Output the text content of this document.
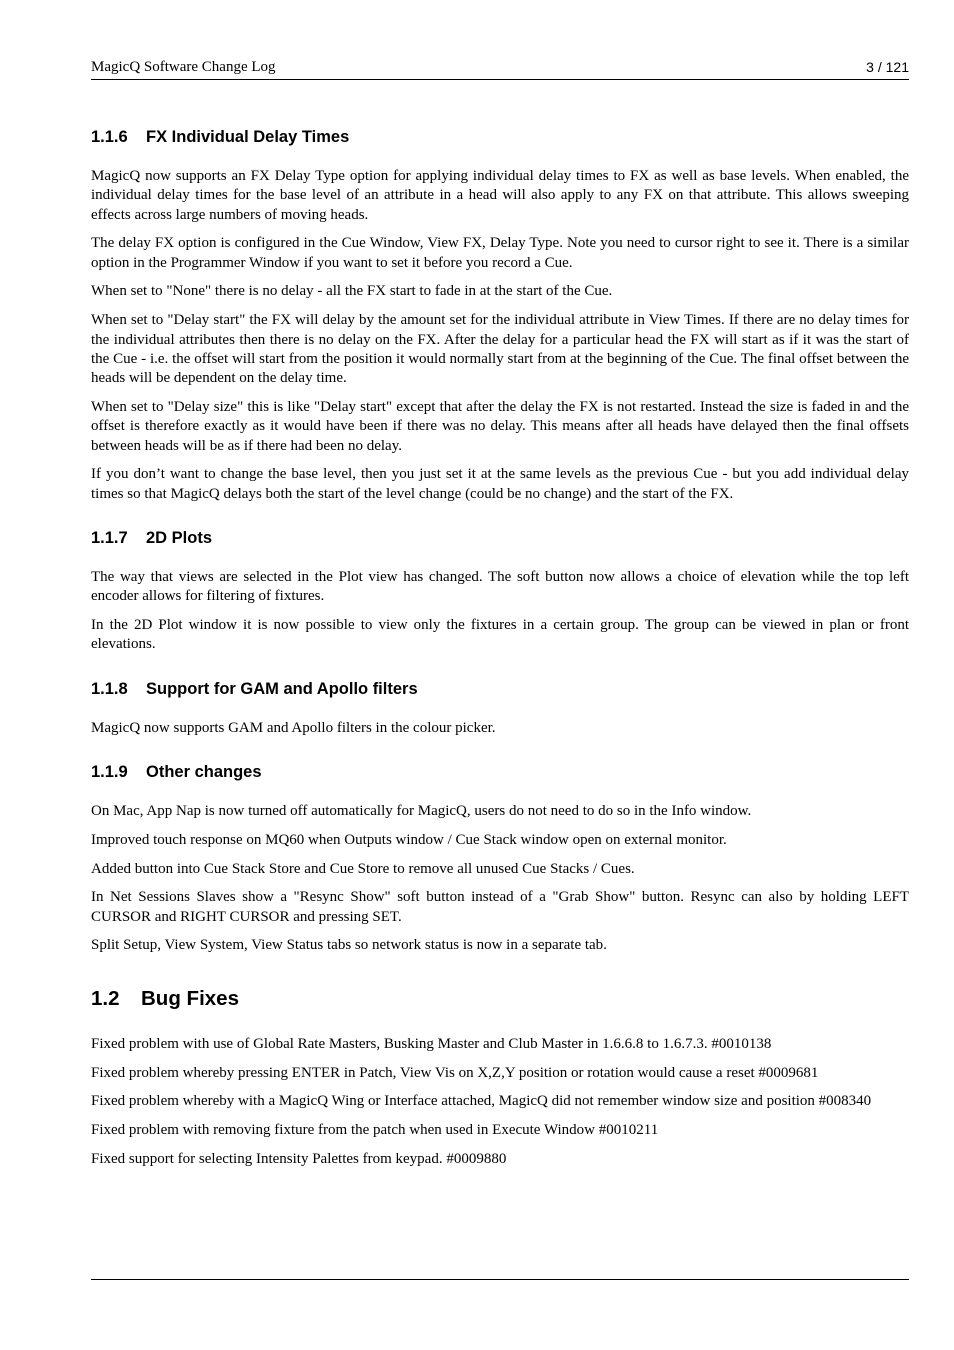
MagicQ Software Change Log	3 / 121
1.1.6 FX Individual Delay Times

MagicQ now supports an FX Delay Type option for applying individual delay times to FX as well as base levels. When enabled, the individual delay times for the base level of an attribute in a head will also apply to any FX on that attribute. This allows sweeping effects across large numbers of moving heads.

The delay FX option is configured in the Cue Window, View FX, Delay Type. Note you need to cursor right to see it. There is a similar option in the Programmer Window if you want to set it before you record a Cue.

When set to "None" there is no delay - all the FX start to fade in at the start of the Cue.

When set to "Delay start" the FX will delay by the amount set for the individual attribute in View Times. If there are no delay times for the individual attributes then there is no delay on the FX. After the delay for a particular head the FX will start as if it was the start of the Cue - i.e. the offset will start from the position it would normally start from at the beginning of the Cue. The final offset between the heads will be dependent on the delay time.

When set to "Delay size" this is like "Delay start" except that after the delay the FX is not restarted. Instead the size is faded in and the offset is therefore exactly as it would have been if there was no delay. This means after all heads have delayed then the final offsets between heads will be as if there had been no delay.

If you don’t want to change the base level, then you just set it at the same levels as the previous Cue - but you add individual delay times so that MagicQ delays both the start of the level change (could be no change) and the start of the FX.

1.1.7 2D Plots

The way that views are selected in the Plot view has changed. The soft button now allows a choice of elevation while the top left encoder allows for filtering of fixtures.

In the 2D Plot window it is now possible to view only the fixtures in a certain group. The group can be viewed in plan or front elevations.

1.1.8 Support for GAM and Apollo filters

MagicQ now supports GAM and Apollo filters in the colour picker.

1.1.9 Other changes

On Mac, App Nap is now turned off automatically for MagicQ, users do not need to do so in the Info window.

Improved touch response on MQ60 when Outputs window / Cue Stack window open on external monitor.

Added button into Cue Stack Store and Cue Store to remove all unused Cue Stacks / Cues.

In Net Sessions Slaves show a "Resync Show" soft button instead of a "Grab Show" button. Resync can also by holding LEFT CURSOR and RIGHT CURSOR and pressing SET.

Split Setup, View System, View Status tabs so network status is now in a separate tab.

1.2 Bug Fixes

Fixed problem with use of Global Rate Masters, Busking Master and Club Master in 1.6.6.8 to 1.6.7.3. #0010138

Fixed problem whereby pressing ENTER in Patch, View Vis on X,Z,Y position or rotation would cause a reset #0009681

Fixed problem whereby with a MagicQ Wing or Interface attached, MagicQ did not remember window size and position #008340

Fixed problem with removing fixture from the patch when used in Execute Window #0010211

Fixed support for selecting Intensity Palettes from keypad. #0009880
